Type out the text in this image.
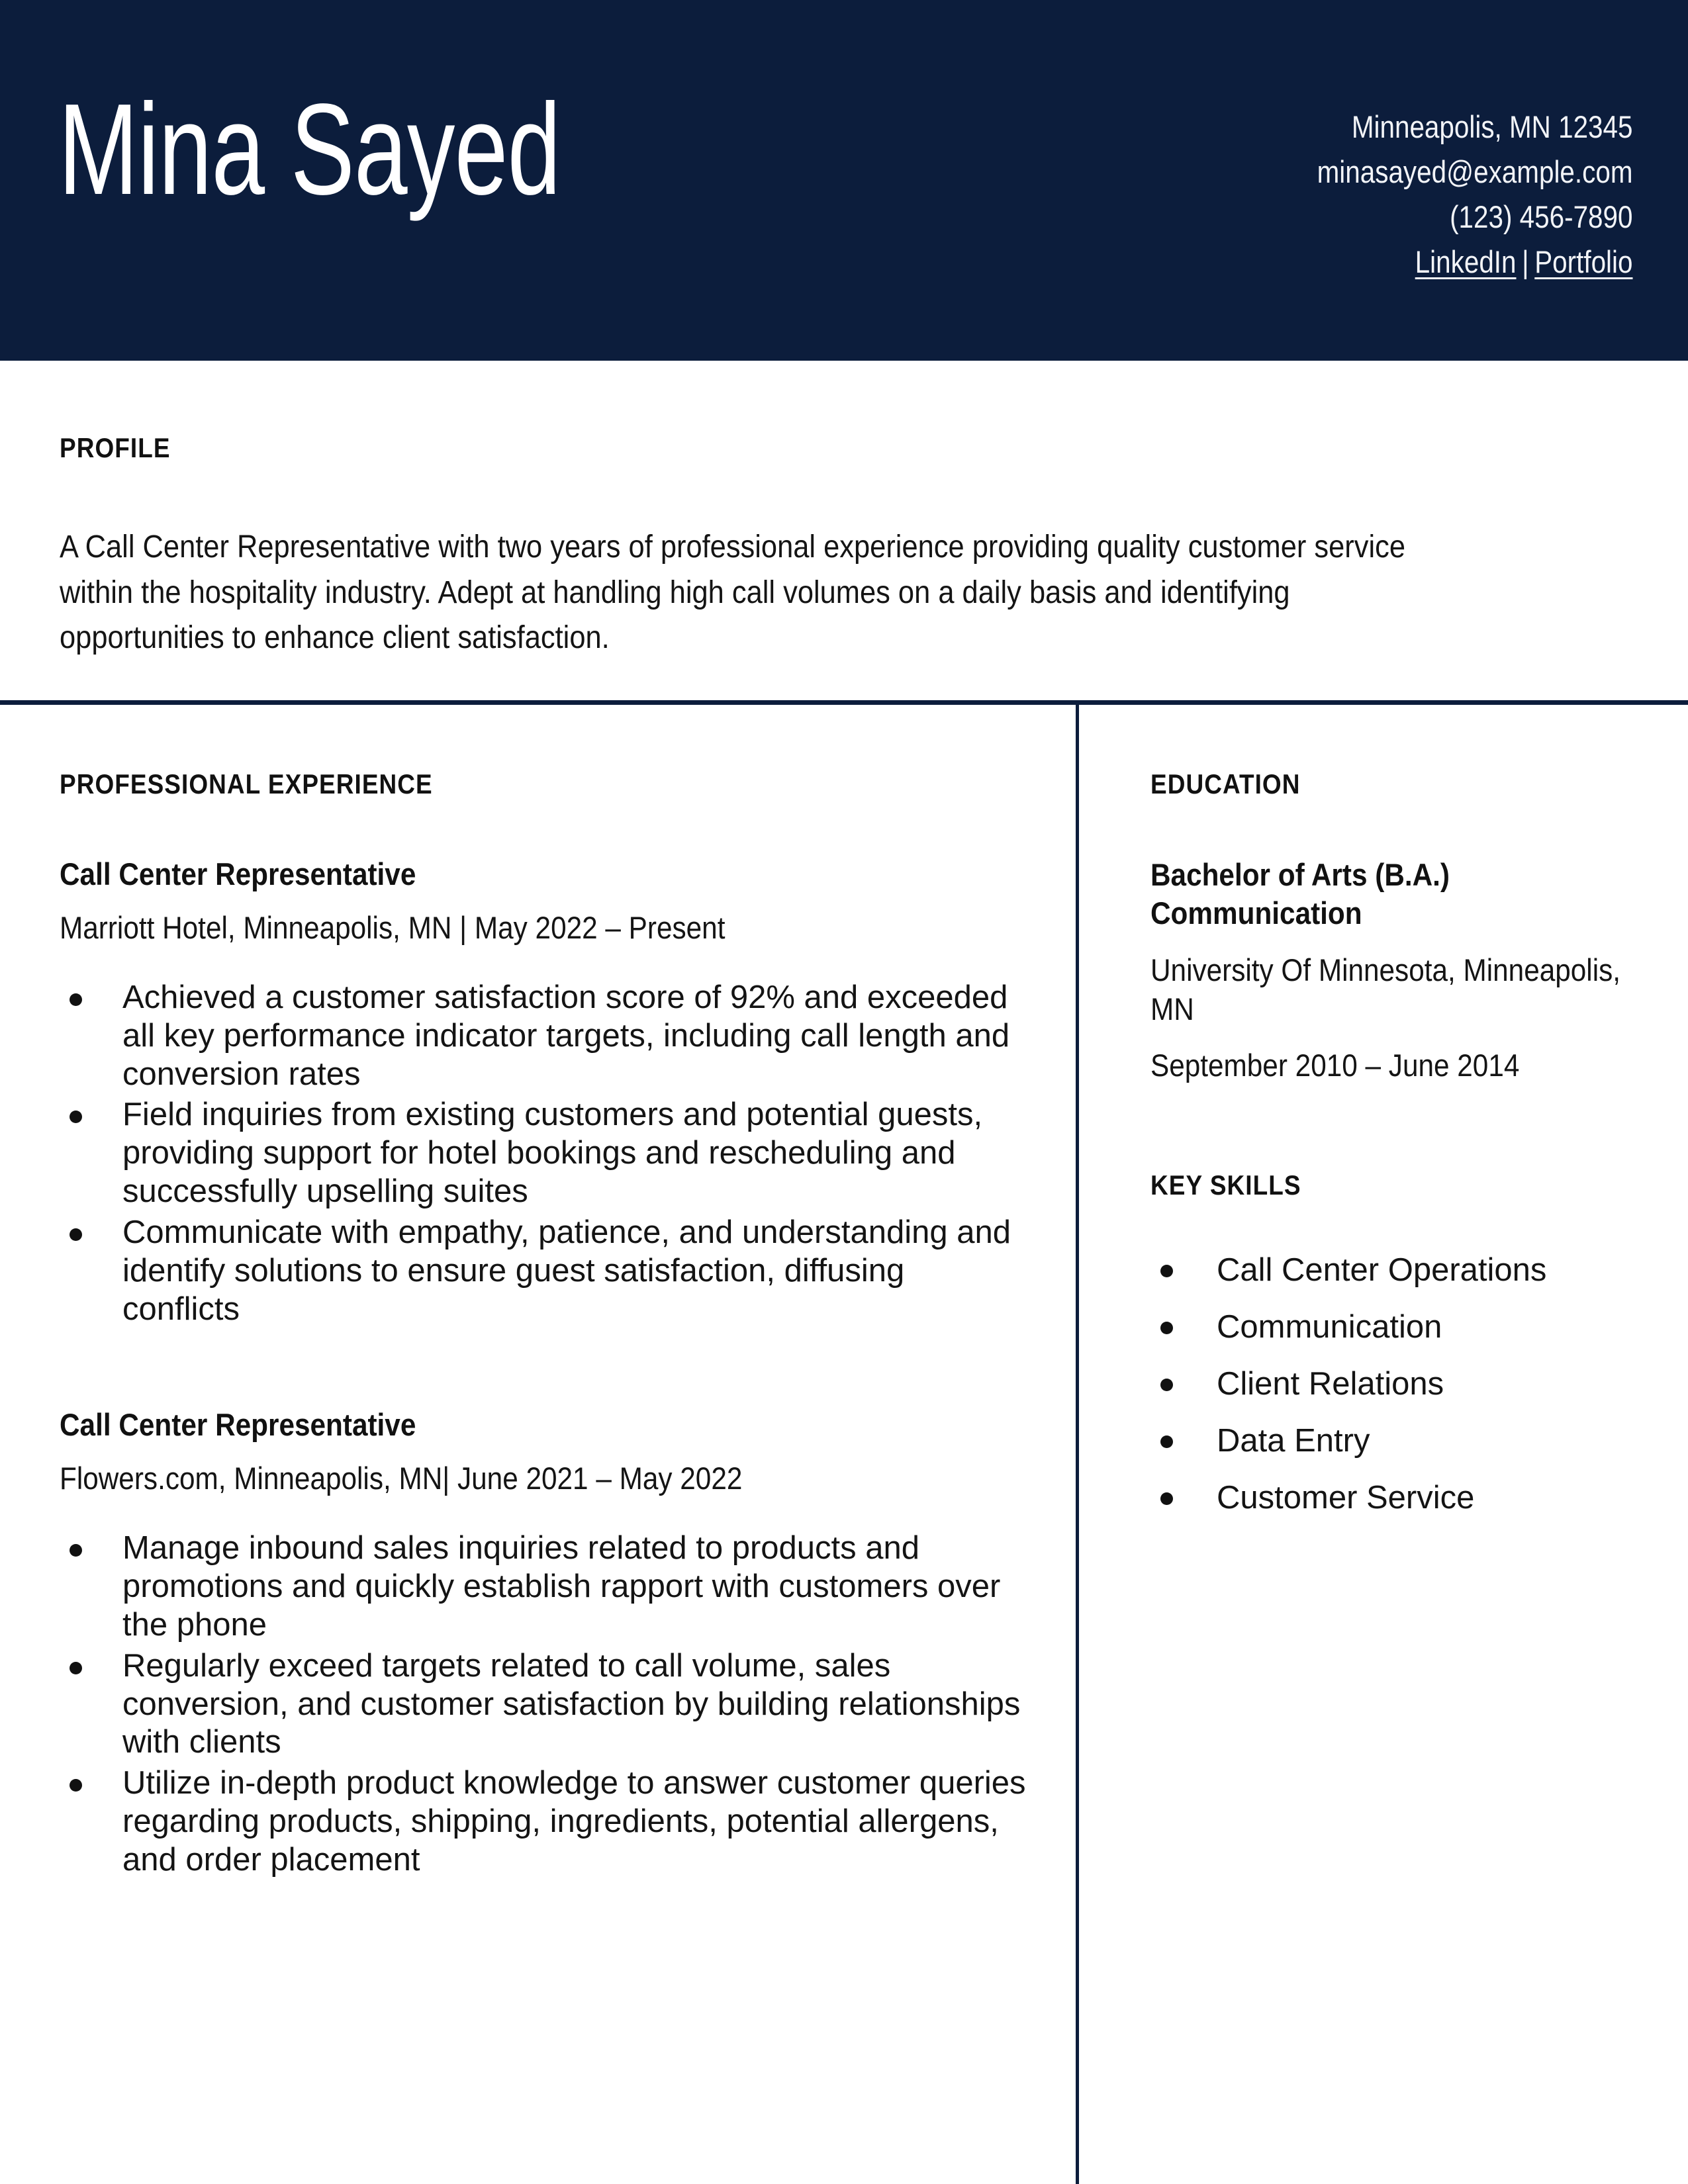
Mina Sayed	Minneapolis, MN 12345
minasayed@example.com
(123) 456-7890
LinkedIn | Portfolio
PROFILE
A Call Center Representative with two years of professional experience providing quality customer service within the hospitality industry. Adept at handling high call volumes on a daily basis and identifying opportunities to enhance client satisfaction.
PROFESSIONAL EXPERIENCE
Call Center Representative
Marriott Hotel, Minneapolis, MN | May 2022 – Present
Achieved a customer satisfaction score of 92% and exceeded all key performance indicator targets, including call length and conversion rates
Field inquiries from existing customers and potential guests, providing support for hotel bookings and rescheduling and successfully upselling suites
Communicate with empathy, patience, and understanding and identify solutions to ensure guest satisfaction, diffusing conflicts
Call Center Representative
Flowers.com, Minneapolis, MN| June 2021 – May 2022
Manage inbound sales inquiries related to products and promotions and quickly establish rapport with customers over the phone
Regularly exceed targets related to call volume, sales conversion, and customer satisfaction by building relationships with clients
Utilize in-depth product knowledge to answer customer queries regarding products, shipping, ingredients, potential allergens, and order placement
EDUCATION
Bachelor of Arts (B.A.) Communication
University Of Minnesota, Minneapolis, MN
September 2010 – June 2014
KEY SKILLS
Call Center Operations
Communication
Client Relations
Data Entry
Customer Service
